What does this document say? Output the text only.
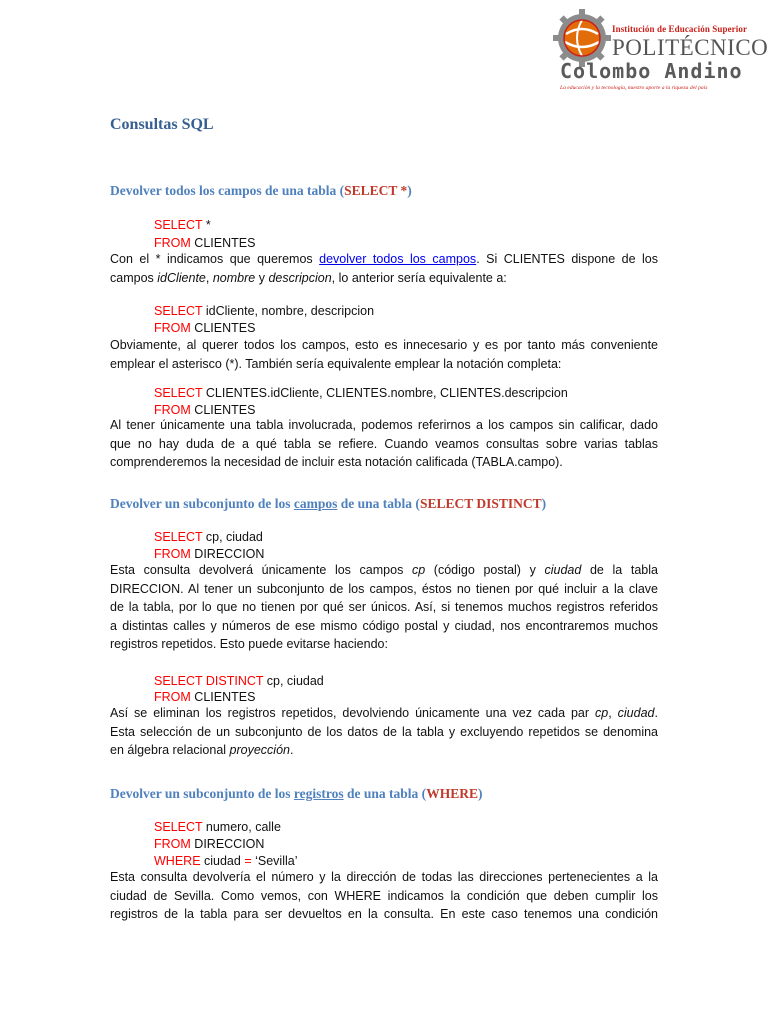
Institución de Educación Superior
POLITÉCNICO
Colombo Andino
La educación y la tecnología, nuestro aporte a la riqueza del país
Consultas SQL
Devolver todos los campos de una tabla (SELECT *)
SELECT *
FROM CLIENTES
Con el * indicamos que queremos devolver todos los campos. Si CLIENTES dispone de los
campos idCliente, nombre y descripcion, lo anterior sería equivalente a:
SELECT idCliente, nombre, descripcion
FROM CLIENTES
Obviamente, al querer todos los campos, esto es innecesario y es por tanto más conveniente
emplear el asterisco (*). También sería equivalente emplear la notación completa:
SELECT CLIENTES.idCliente, CLIENTES.nombre, CLIENTES.descripcion
FROM CLIENTES
Al tener únicamente una tabla involucrada, podemos referirnos a los campos sin calificar, dado
que no hay duda de a qué tabla se refiere. Cuando veamos consultas sobre varias tablas
comprenderemos la necesidad de incluir esta notación calificada (TABLA.campo).
Devolver un subconjunto de los campos de una tabla (SELECT DISTINCT)
SELECT cp, ciudad
FROM DIRECCION
Esta consulta devolverá únicamente los campos cp (código postal) y ciudad de la tabla
DIRECCION. Al tener un subconjunto de los campos, éstos no tienen por qué incluir a la clave
de la tabla, por lo que no tienen por qué ser únicos. Así, si tenemos muchos registros referidos
a distintas calles y números de ese mismo código postal y ciudad, nos encontraremos muchos
registros repetidos. Esto puede evitarse haciendo:
SELECT DISTINCT cp, ciudad
FROM CLIENTES
Así se eliminan los registros repetidos, devolviendo únicamente una vez cada par cp, ciudad.
Esta selección de un subconjunto de los datos de la tabla y excluyendo repetidos se denomina
en álgebra relacional proyección.
Devolver un subconjunto de los registros de una tabla (WHERE)
SELECT numero, calle
FROM DIRECCION
WHERE ciudad = ‘Sevilla’
Esta consulta devolvería el número y la dirección de todas las direcciones pertenecientes a la
ciudad de Sevilla. Como vemos, con WHERE indicamos la condición que deben cumplir los
registros de la tabla para ser devueltos en la consulta. En este caso tenemos una condición
